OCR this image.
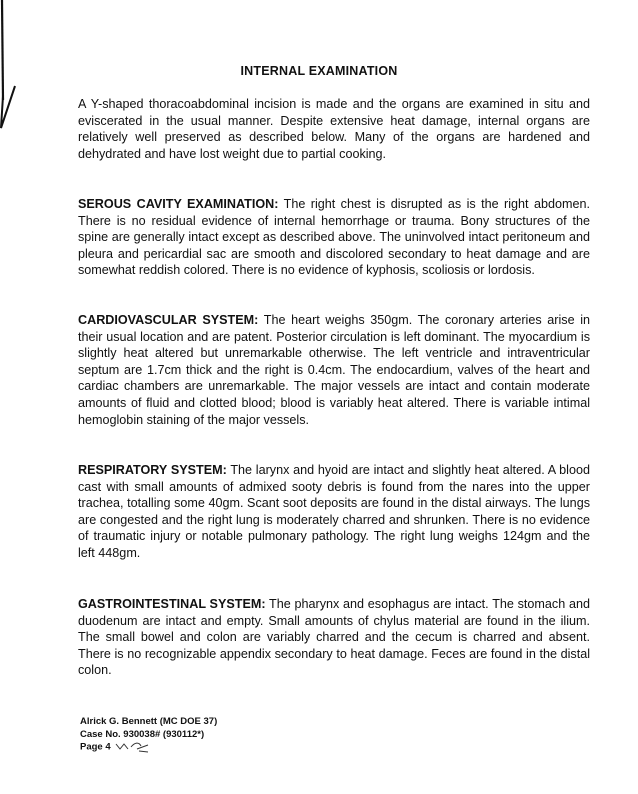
INTERNAL EXAMINATION
A Y-shaped thoracoabdominal incision is made and the organs are examined in situ and eviscerated in the usual manner. Despite extensive heat damage, internal organs are relatively well preserved as described below. Many of the organs are hardened and dehydrated and have lost weight due to partial cooking.
SEROUS CAVITY EXAMINATION: The right chest is disrupted as is the right abdomen. There is no residual evidence of internal hemorrhage or trauma. Bony structures of the spine are generally intact except as described above. The uninvolved intact peritoneum and pleura and pericardial sac are smooth and discolored secondary to heat damage and are somewhat reddish colored. There is no evidence of kyphosis, scoliosis or lordosis.
CARDIOVASCULAR SYSTEM: The heart weighs 350gm. The coronary arteries arise in their usual location and are patent. Posterior circulation is left dominant. The myocardium is slightly heat altered but unremarkable otherwise. The left ventricle and intraventricular septum are 1.7cm thick and the right is 0.4cm. The endocardium, valves of the heart and cardiac chambers are unremarkable. The major vessels are intact and contain moderate amounts of fluid and clotted blood; blood is variably heat altered. There is variable intimal hemoglobin staining of the major vessels.
RESPIRATORY SYSTEM: The larynx and hyoid are intact and slightly heat altered. A blood cast with small amounts of admixed sooty debris is found from the nares into the upper trachea, totalling some 40gm. Scant soot deposits are found in the distal airways. The lungs are congested and the right lung is moderately charred and shrunken. There is no evidence of traumatic injury or notable pulmonary pathology. The right lung weighs 124gm and the left 448gm.
GASTROINTESTINAL SYSTEM: The pharynx and esophagus are intact. The stomach and duodenum are intact and empty. Small amounts of chylus material are found in the ilium. The small bowel and colon are variably charred and the cecum is charred and absent. There is no recognizable appendix secondary to heat damage. Feces are found in the distal colon.
Alrick G. Bennett (MC DOE 37)
Case No. 930038# (930112*)
Page 4
